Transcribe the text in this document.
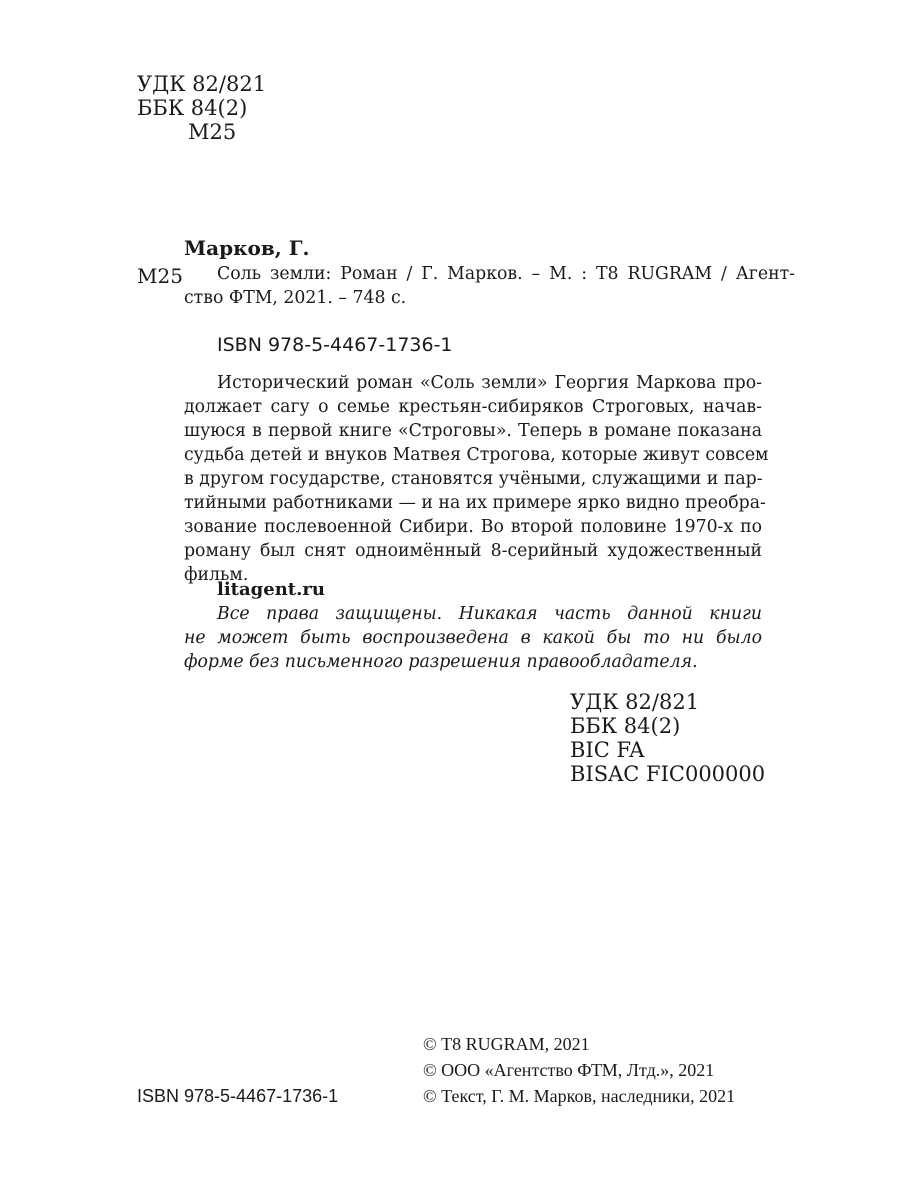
УДК 82/821
ББК 84(2)
М25
Марков, Г.
М25 Соль земли: Роман / Г. Марков. – М. : Т8 RUGRAM / Агент-
ство ФТМ, 2021. – 748 с.
ISBN 978-5-4467-1736-1
Исторический роман «Соль земли» Георгия Маркова про-
должает сагу о семье крестьян-сибиряков Строговых, начав-
шуюся в первой книге «Строговы». Теперь в романе показана
судьба детей и внуков Матвея Строгова, которые живут совсем
в другом государстве, становятся учёными, служащими и пар-
тийными работниками — и на их примере ярко видно преобра-
зование послевоенной Сибири. Во второй половине 1970-х по
роману был снят одноимённый 8-серийный художественный
фильм.
litagent.ru
Все права защищены. Никакая часть данной книги
не может быть воспроизведена в какой бы то ни было
форме без письменного разрешения правообладателя.
УДК 82/821
ББК 84(2)
BIC FA
BISAC FIC000000
ISBN 978-5-4467-1736-1
© Т8 RUGRAM, 2021
© ООО «Агентство ФТМ, Лтд.», 2021
© Текст, Г. М. Марков, наследники, 2021
